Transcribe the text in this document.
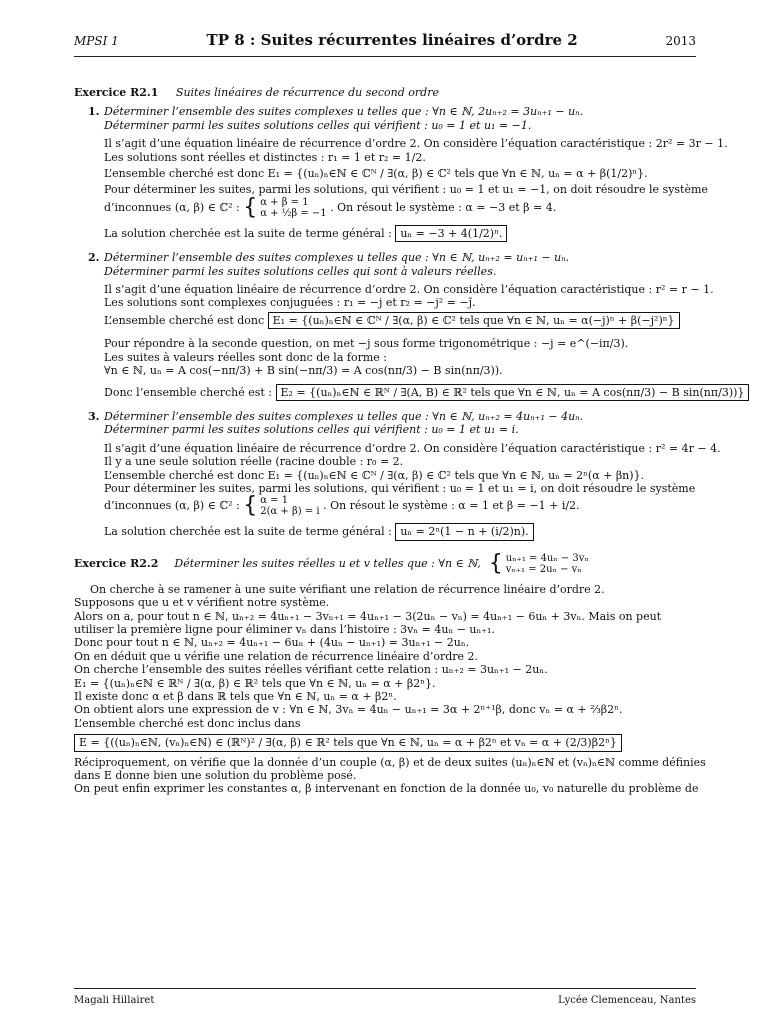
MPSI 1	TP 8 : Suites récurrentes linéaires d’ordre 2	2013
Exercice R2.1 Suites linéaires de récurrence du second ordre
1. Déterminer l’ensemble des suites complexes u telles que : ∀n ∈ ℕ, 2uₙ₊₂ = 3uₙ₊₁ − uₙ.
Déterminer parmi les suites solutions celles qui vérifient : u₀ = 1 et u₁ = −1.
Il s’agit d’une équation linéaire de récurrence d’ordre 2. On considère l’équation caractéristique : 2r² = 3r − 1.
Les solutions sont réelles et distinctes : r₁ = 1 et r₂ = 1/2.
L’ensemble cherché est donc E₁ = {(uₙ)ₙ∈ℕ ∈ ℂᴺ / ∃(α, β) ∈ ℂ² tels que ∀n ∈ ℕ, uₙ = α + β(1/2)ⁿ}.
Pour déterminer les suites, parmi les solutions, qui vérifient : u₀ = 1 et u₁ = −1, on doit résoudre le système
d’inconnues (α, β) ∈ ℂ² : { α + β = 1
α + ½β = −1 . On résout le système : α = −3 et β = 4.
La solution cherchée est la suite de terme général : uₙ = −3 + 4(1/2)ⁿ.
2. Déterminer l’ensemble des suites complexes u telles que : ∀n ∈ ℕ, uₙ₊₂ = uₙ₊₁ − uₙ.
Déterminer parmi les suites solutions celles qui sont à valeurs réelles.
Il s’agit d’une équation linéaire de récurrence d’ordre 2. On considère l’équation caractéristique : r² = r − 1.
Les solutions sont complexes conjuguées : r₁ = −j et r₂ = −j² = −j̄.
L’ensemble cherché est donc E₁ = {(uₙ)ₙ∈ℕ ∈ ℂᴺ / ∃(α, β) ∈ ℂ² tels que ∀n ∈ ℕ, uₙ = α(−j)ⁿ + β(−j²)ⁿ}
Pour répondre à la seconde question, on met −j sous forme trigonométrique : −j = e^(−iπ/3).
Les suites à valeurs réelles sont donc de la forme :
∀n ∈ ℕ, uₙ = A cos(−nπ/3) + B sin(−nπ/3) = A cos(nπ/3) − B sin(nπ/3)).
Donc l’ensemble cherché est : E₂ = {(uₙ)ₙ∈ℕ ∈ ℝᴺ / ∃(A, B) ∈ ℝ² tels que ∀n ∈ ℕ, uₙ = A cos(nπ/3) − B sin(nπ/3))}
3. Déterminer l’ensemble des suites complexes u telles que : ∀n ∈ ℕ, uₙ₊₂ = 4uₙ₊₁ − 4uₙ.
Déterminer parmi les suites solutions celles qui vérifient : u₀ = 1 et u₁ = i.
Il s’agit d’une équation linéaire de récurrence d’ordre 2. On considère l’équation caractéristique : r² = 4r − 4.
Il y a une seule solution réelle (racine double : r₀ = 2.
L’ensemble cherché est donc E₁ = {(uₙ)ₙ∈ℕ ∈ ℂᴺ / ∃(α, β) ∈ ℂ² tels que ∀n ∈ ℕ, uₙ = 2ⁿ(α + βn)}.
Pour déterminer les suites, parmi les solutions, qui vérifient : u₀ = 1 et u₁ = i, on doit résoudre le système
d’inconnues (α, β) ∈ ℂ² : { α = 1
2(α + β) = i . On résout le système : α = 1 et β = −1 + i/2.
La solution cherchée est la suite de terme général : uₙ = 2ⁿ(1 − n + (i/2)n).
Exercice R2.2 Déterminer les suites réelles u et v telles que : ∀n ∈ ℕ, { uₙ₊₁ = 4uₙ − 3vₙ
vₙ₊₁ = 2uₙ − vₙ
On cherche à se ramener à une suite vérifiant une relation de récurrence linéaire d’ordre 2.
Supposons que u et v vérifient notre système.
Alors on a, pour tout n ∈ ℕ, uₙ₊₂ = 4uₙ₊₁ − 3vₙ₊₁ = 4uₙ₊₁ − 3(2uₙ − vₙ) = 4uₙ₊₁ − 6uₙ + 3vₙ. Mais on peut
utiliser la première ligne pour éliminer vₙ dans l’histoire : 3vₙ = 4uₙ − uₙ₊₁.
Donc pour tout n ∈ ℕ, uₙ₊₂ = 4uₙ₊₁ − 6uₙ + (4uₙ − uₙ₊₁) = 3uₙ₊₁ − 2uₙ.
On en déduit que u vérifie une relation de récurrence linéaire d’ordre 2.
On cherche l’ensemble des suites réelles vérifiant cette relation : uₙ₊₂ = 3uₙ₊₁ − 2uₙ.
E₁ = {(uₙ)ₙ∈ℕ ∈ ℝᴺ / ∃(α, β) ∈ ℝ² tels que ∀n ∈ ℕ, uₙ = α + β2ⁿ}.
Il existe donc α et β dans ℝ tels que ∀n ∈ ℕ, uₙ = α + β2ⁿ.
On obtient alors une expression de v : ∀n ∈ ℕ, 3vₙ = 4uₙ − uₙ₊₁ = 3α + 2ⁿ⁺¹β, donc vₙ = α + ⅔β2ⁿ.
L’ensemble cherché est donc inclus dans
E = {((uₙ)ₙ∈ℕ, (vₙ)ₙ∈ℕ) ∈ (ℝᴺ)² / ∃(α, β) ∈ ℝ² tels que ∀n ∈ ℕ, uₙ = α + β2ⁿ et vₙ = α + (2/3)β2ⁿ}
Réciproquement, on vérifie que la donnée d’un couple (α, β) et de deux suites (uₙ)ₙ∈ℕ et (vₙ)ₙ∈ℕ comme définies
dans E donne bien une solution du problème posé.
On peut enfin exprimer les constantes α, β intervenant en fonction de la donnée u₀, v₀ naturelle du problème de
Magali Hillairet	Lycée Clemenceau, Nantes
